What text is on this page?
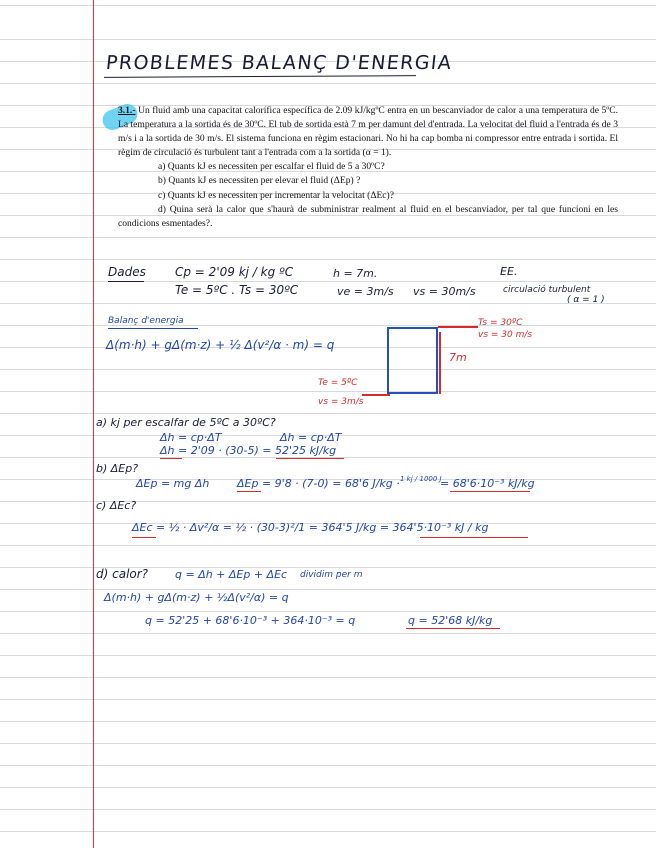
PROBLEMES BALANÇ D'ENERGIA

3.1.- Un fluid amb una capacitat calorífica específica de 2.09 kJ/kgºC entra en un bescanviador de calor a una temperatura de 5ºC. La temperatura a la sortida és de 30ºC. El tub de sortida està 7 m per damunt del d'entrada. La velocitat del fluid a l'entrada és de 3 m/s i a la sortida de 30 m/s. El sistema funciona en règim estacionari. No hi ha cap bomba ni compressor entre entrada i sortida. El règim de circulació és turbulent tant a l'entrada com a la sortida (α = 1).

a) Quants kJ es necessiten per escalfar el fluid de 5 a 30ºC?

b) Quants kJ es necessiten per elevar el fluid (ΔEp) ?

c) Quants kJ es necessiten per incrementar la velocitat (ΔEc)?

d) Quina serà la calor que s'haurà de subministrar realment al fluid en el bescanviador, per tal que funcioni en les condicions esmentades?.

Dades Cp = 2'09 kj / kg ºC	h = 7m.	EE.
Te = 5ºC . Ts = 30ºC	ve = 3m/s vs = 30m/s	circulació turbulent
( α = 1 )
Balanç d'energia
Δ(m·h) + gΔ(m·z) + ½ Δ(v²/α · m) = q
Ts = 30ºC
vs = 30 m/s
7m
Te = 5ºC
vs = 3m/s
a) kj per escalfar de 5ºC a 30ºC?
Δh = cp·ΔT	Δh = cp·ΔT
Δh = 2'09 · (30-5) = 52'25 kJ/kg
b) ΔEp?
ΔEp = mg Δh	ΔEp = 9'8 · (7-0) = 68'6 J/kg · 1 kj / 1000 J
= 68'6·10⁻³ kJ/kg
c) ΔEc?
ΔEc = ½ · Δv²/α = ½ · (30-3)²/1 = 364'5 J/kg = 364'5·10⁻³ kJ / kg
d) calor? q = Δh + ΔEp + ΔEc dividim per m
Δ(m·h) + gΔ(m·z) + ½Δ(v²/α) = q
q = 52'25 + 68'6·10⁻³ + 364·10⁻³ = q	q = 52'68 kJ/kg
